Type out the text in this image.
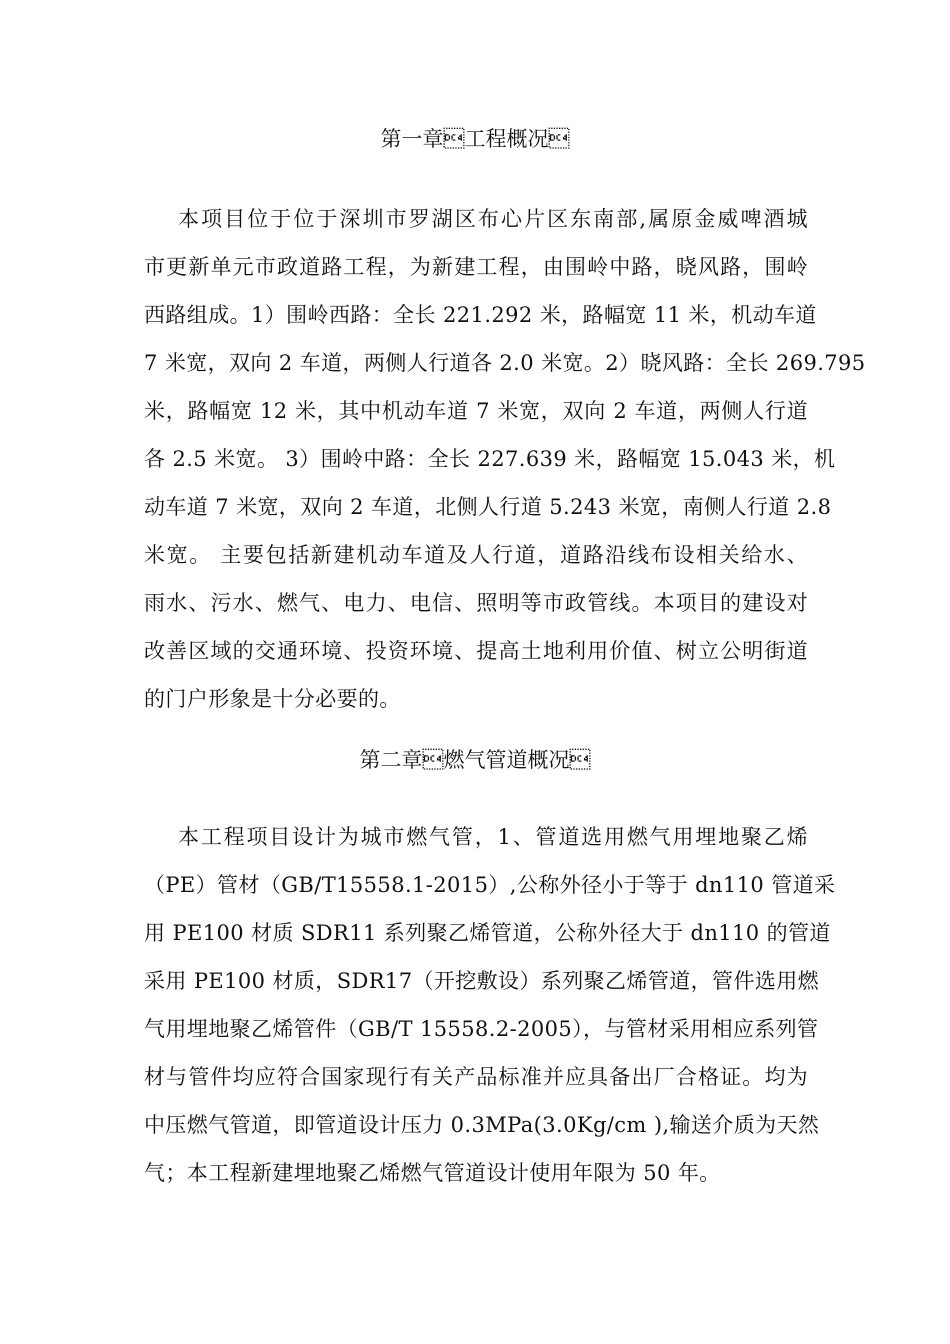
第一章工程概况
本项目位于位于深圳市罗湖区布心片区东南部,属原金威啤酒城
市更新单元市政道路工程，为新建工程，由围岭中路，晓风路，围岭
西路组成。1）围岭西路：全长 221.292 米，路幅宽 11 米，机动车道
7 米宽，双向 2 车道，两侧人行道各 2.0 米宽。2）晓风路：全长 269.795
米，路幅宽 12 米，其中机动车道 7 米宽，双向 2 车道，两侧人行道
各 2.5 米宽。 3）围岭中路：全长 227.639 米，路幅宽 15.043 米，机
动车道 7 米宽，双向 2 车道，北侧人行道 5.243 米宽，南侧人行道 2.8
米宽。 主要包括新建机动车道及人行道，道路沿线布设相关给水、
雨水、污水、燃气、电力、电信、照明等市政管线。本项目的建设对
改善区域的交通环境、投资环境、提高土地利用价值、树立公明街道
的门户形象是十分必要的。
第二章燃气管道概况
本工程项目设计为城市燃气管，1、管道选用燃气用埋地聚乙烯
（PE）管材（GB/T15558.1-2015）,公称外径小于等于 dn110 管道采
用 PE100 材质 SDR11 系列聚乙烯管道，公称外径大于 dn110 的管道
采用 PE100 材质，SDR17（开挖敷设）系列聚乙烯管道，管件选用燃
气用埋地聚乙烯管件（GB/T 15558.2-2005），与管材采用相应系列管
材与管件均应符合国家现行有关产品标准并应具备出厂合格证。均为
中压燃气管道，即管道设计压力 0.3MPa(3.0Kg/cm ),输送介质为天然
气；本工程新建埋地聚乙烯燃气管道设计使用年限为 50 年。
